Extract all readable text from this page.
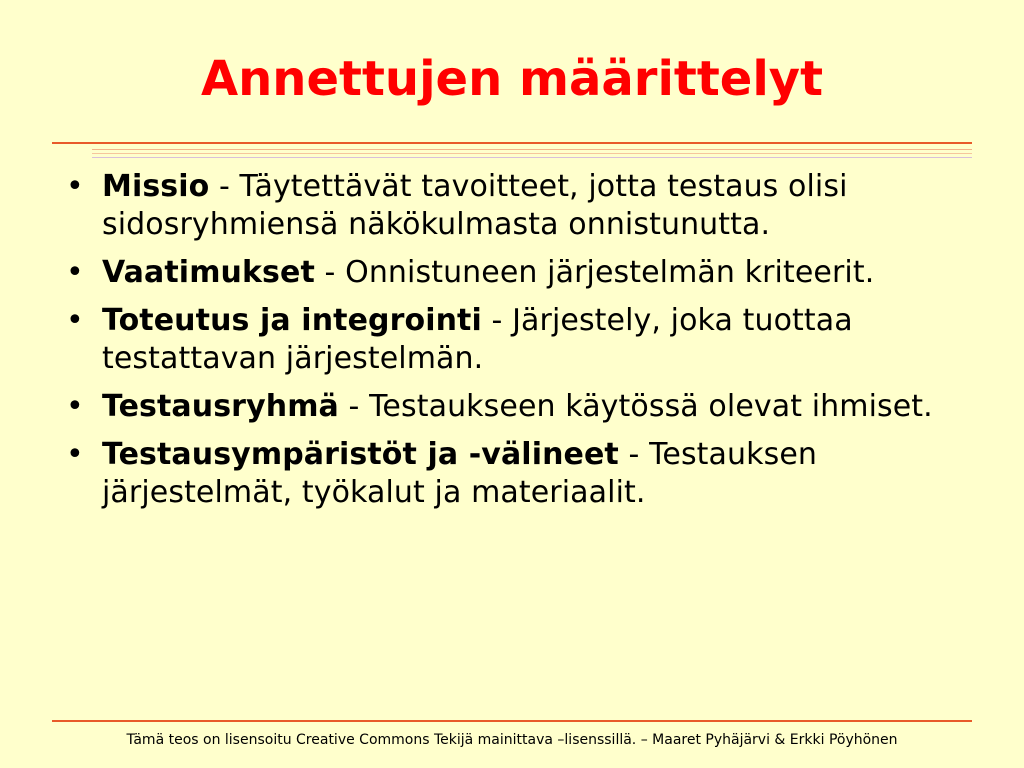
Annettujen määrittelyt
• Missio - Täytettävät tavoitteet, jotta testaus olisi sidosryhmiensä näkökulmasta onnistunutta.
• Vaatimukset - Onnistuneen järjestelmän kriteerit.
• Toteutus ja integrointi - Järjestely, joka tuottaa testattavan järjestelmän.
• Testausryhmä - Testaukseen käytössä olevat ihmiset.
• Testausympäristöt ja -välineet - Testauksen järjestelmät, työkalut ja materiaalit.
Tämä teos on lisensoitu Creative Commons Tekijä mainittava –lisenssillä. – Maaret Pyhäjärvi & Erkki Pöyhönen
